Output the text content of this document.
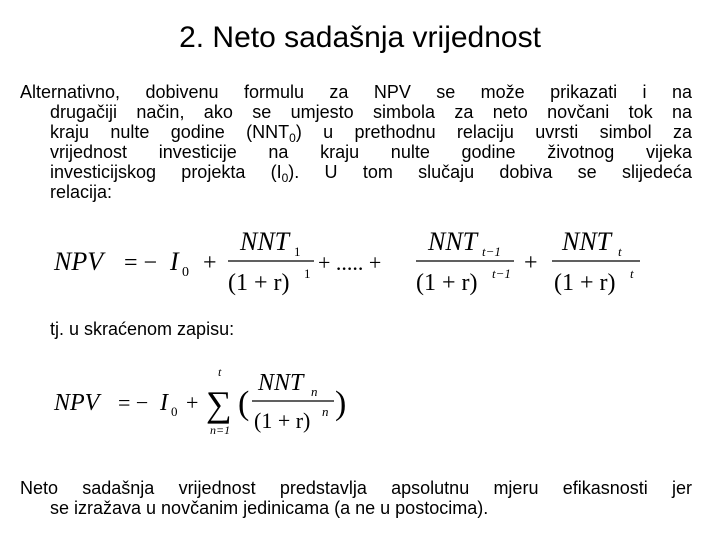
2. Neto sadašnja vrijednost
Alternativno, dobivenu formulu za NPV se može prikazati i na
drugačiji način, ako se umjesto simbola za neto novčani tok na
kraju nulte godine $(NNT_0)$ u prethodnu relaciju uvrsti simbol za
vrijednost investicije na kraju nulte godine životnog vijeka
investicijskog projekta $(I_0)$. U tom slučaju dobiva se slijedeća
relacija:
NPV = − I 0 +
NNT 1
(1 + r) 1 + ..... +
NNT t−1
(1 + r) t−1 +
NNT t
(1 + r) t
tj. u skraćenom zapisu:
NPV = − I 0 +
t
∑
n=1
(
NNT n
(1 + r) n )
Neto sadašnja vrijednost predstavlja apsolutnu mjeru efikasnosti jer
se izražava u novčanim jedinicama (a ne u postocima).
